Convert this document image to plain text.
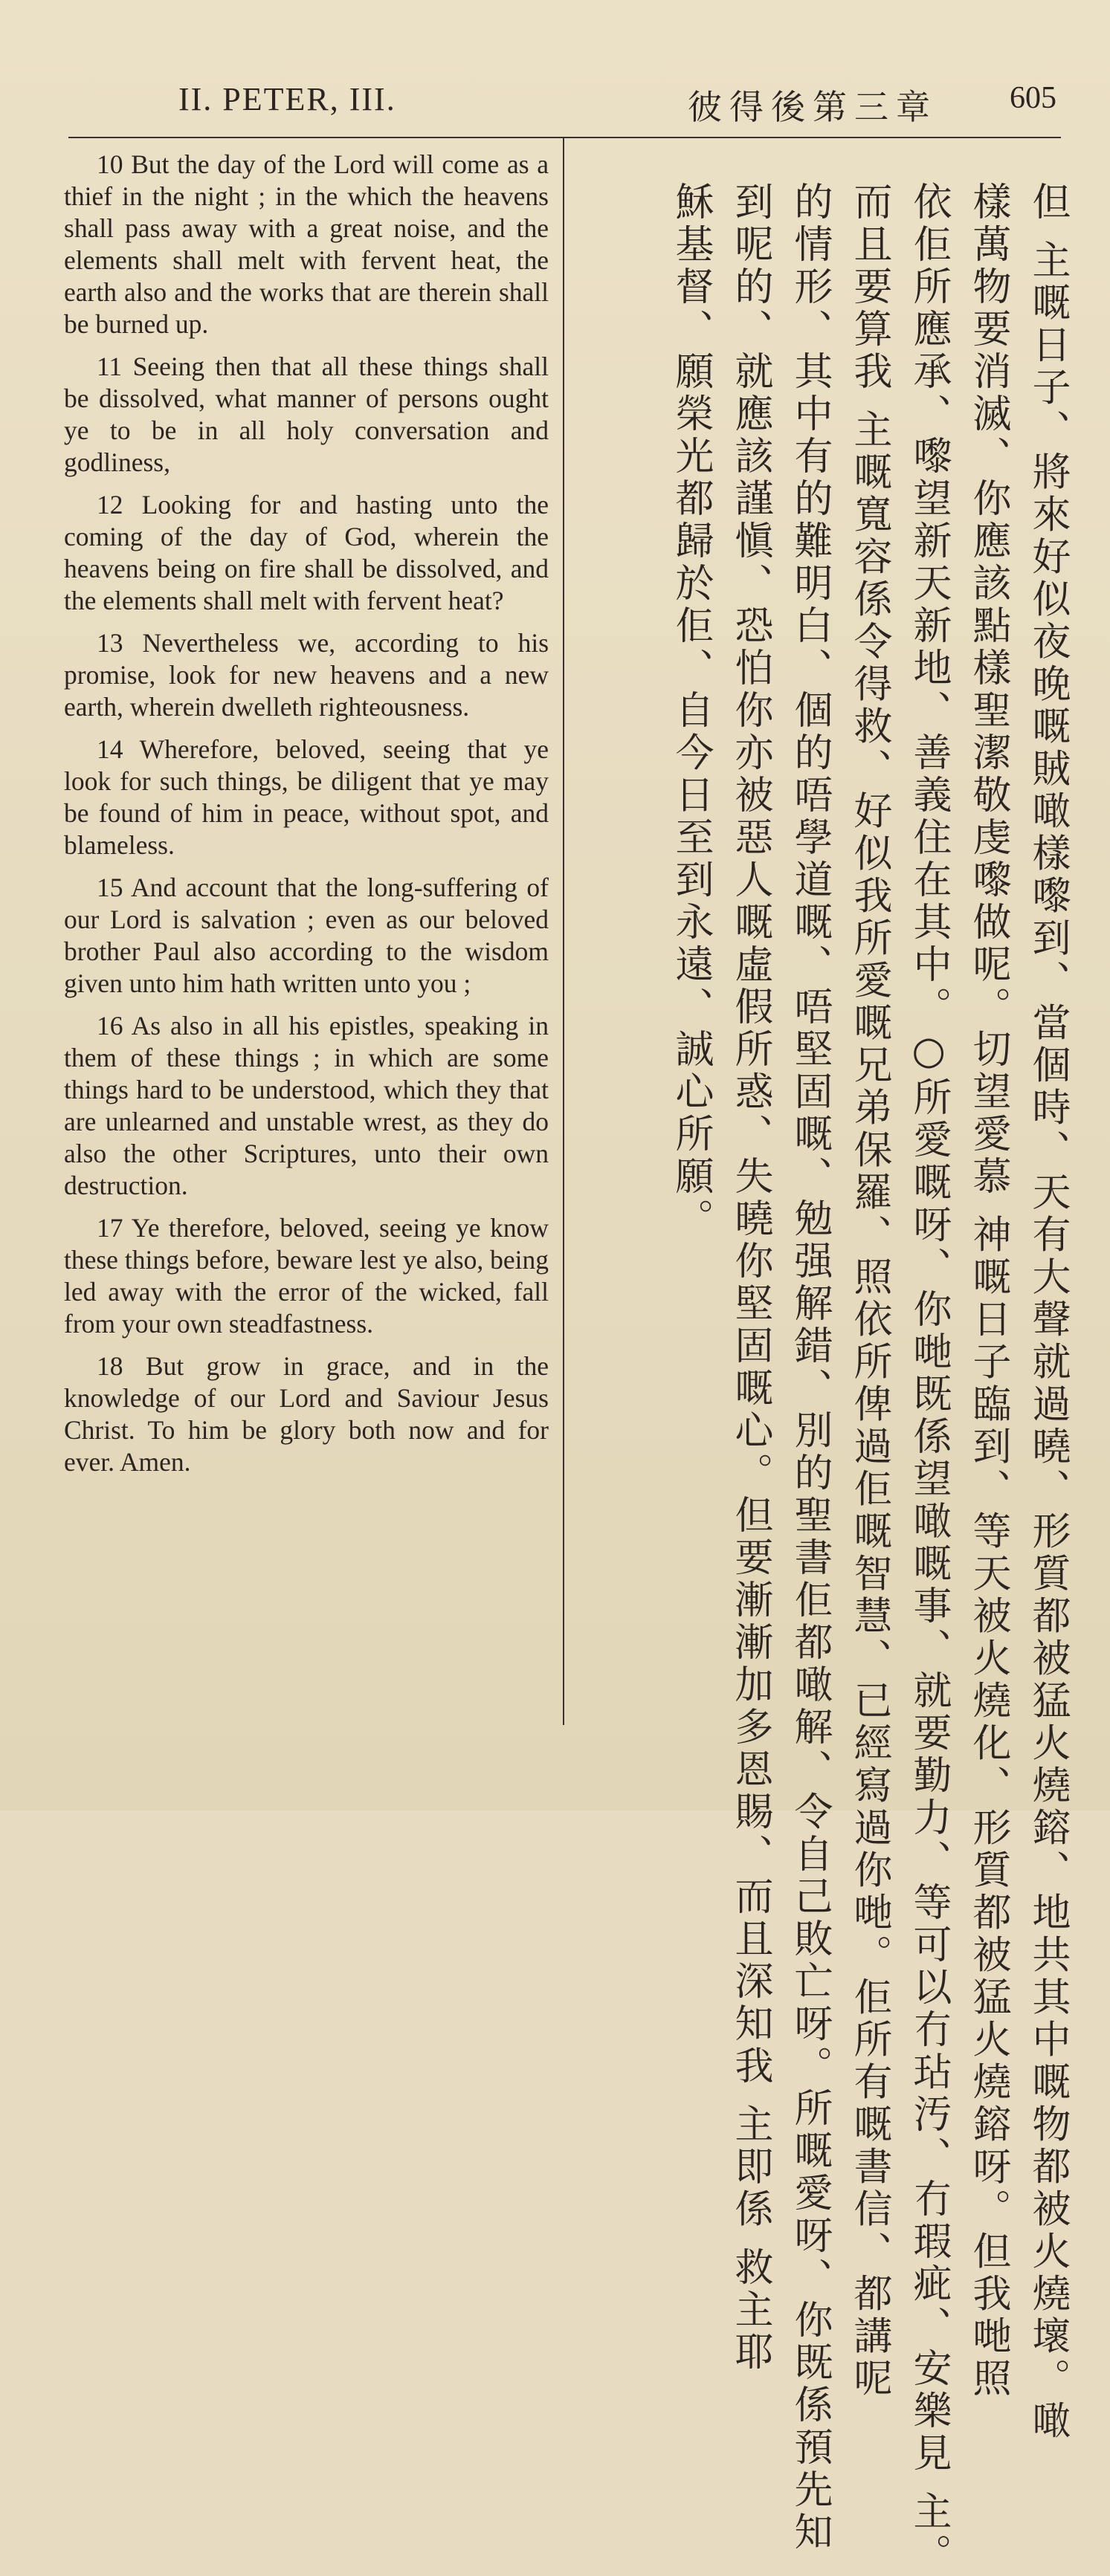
II. PETER, III.	彼得後第三章 605

10 But the day of the Lord will come as a thief in the night ; in the which the heavens shall pass away with a great noise, and the elements shall melt with fervent heat, the earth also and the works that are therein shall be burned up.

11 Seeing then that all these things shall be dissolved, what manner of persons ought ye to be in all holy conversation and godliness,

12 Looking for and hasting unto the coming of the day of God, wherein the heavens being on fire shall be dissolved, and the elements shall melt with fervent heat?

13 Nevertheless we, according to his promise, look for new heavens and a new earth, wherein dwelleth righteousness.

14 Wherefore, beloved, seeing that ye look for such things, be diligent that ye may be found of him in peace, without spot, and blameless.

15 And account that the long-suffering of our Lord is salvation ; even as our beloved brother Paul also according to the wisdom given unto him hath written unto you ;

16 As also in all his epistles, speaking in them of these things ; in which are some things hard to be understood, which they that are unlearned and unstable wrest, as they do also the other Scriptures, unto their own destruction.

17 Ye therefore, beloved, seeing ye know these things before, beware lest ye also, being led away with the error of the wicked, fall from your own steadfastness.

18 But grow in grace, and in the knowledge of our Lord and Saviour Jesus Christ. To him be glory both now and for ever. Amen.	但 主嘅日子、將來好似夜晚嘅賊噉樣嚟到、當個時、天有大聲就過曉、形質都被猛火燒鎔、地共其中嘅物都被火燒壞。噉
樣萬物要消滅、你應該點樣聖潔敬虔嚟做呢。切望愛慕 神嘅日子臨到、等天被火燒化、形質都被猛火燒鎔呀。但我哋照
依佢所應承、嚟望新天新地、善義住在其中。○所愛嘅呀、你哋既係望噉嘅事、就要勤力、等可以冇玷汚、冇瑕疵、安樂見 主。
而且要算我 主嘅寬容係令得救、好似我所愛嘅兄弟保羅、照依所俾過佢嘅智慧、已經寫過你哋。佢所有嘅書信、都講呢
的情形、其中有的難明白、個的唔學道嘅、唔堅固嘅、勉强解錯、別的聖書佢都噉解、令自己敗亡呀。所嘅愛呀、你既係預先知
到呢的、就應該謹愼、恐怕你亦被惡人嘅虛假所惑、失曉你堅固嘅心。但要漸漸加多恩賜、而且深知我 主即係 救主耶
穌基督、願榮光都歸於佢、自今日至到永遠、誠心所願。
